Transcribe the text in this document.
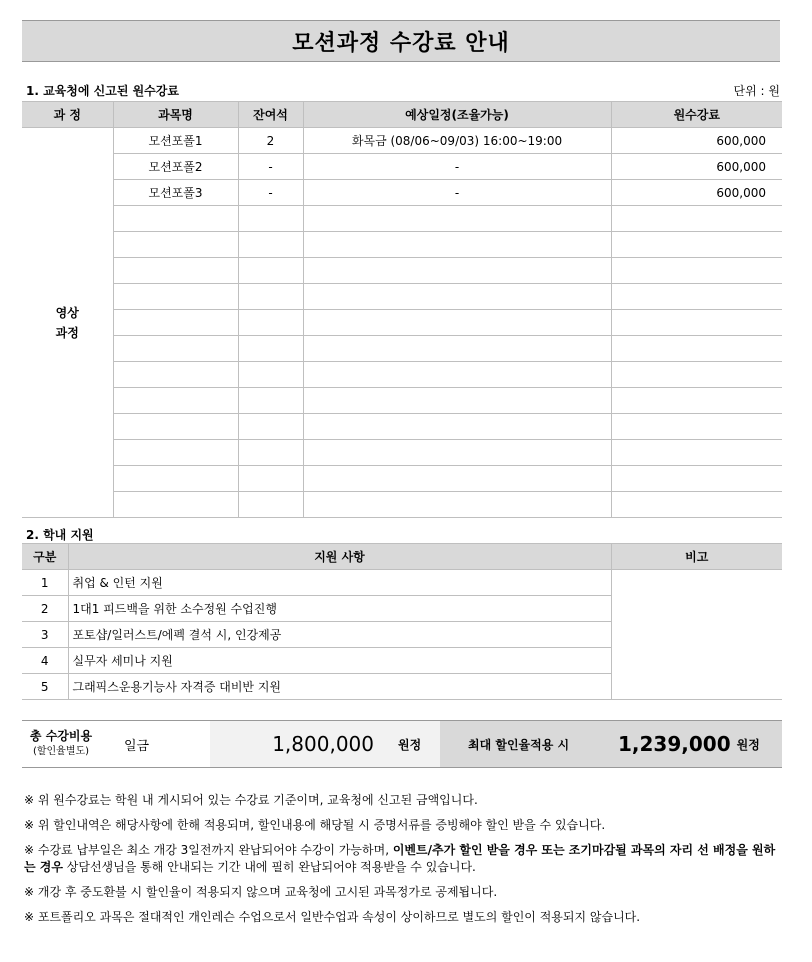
모션과정 수강료 안내
1. 교육청에 신고된 원수강료	단위 : 원
과 정	과목명	잔여석	예상일정(조율가능)	원수강료

영상
과정	모션포폴1	2	화목금 (08/06~09/03) 16:00~19:00	600,000
	모션포폴2	-	-	600,000
	모션포폴3	-	-	600,000

2. 학내 지원
구분	지원 사항	비고
1	취업 & 인턴 지원	
2	1대1 피드백을 위한 소수정원 수업진행	
3	포토샵/일러스트/에펙 결석 시, 인강제공	
4	실무자 세미나 지원	
5	그래픽스운용기능사 자격증 대비반 지원	
총 수강비용
(할인율별도)	일금	1,800,000	원정	최대 할인율적용 시	1,239,000 원정

※ 위 원수강료는 학원 내 게시되어 있는 수강료 기준이며, 교육청에 신고된 금액입니다.

※ 위 할인내역은 해당사항에 한해 적용되며, 할인내용에 해당될 시 증명서류를 증빙해야 할인 받을 수 있습니다.

※ 수강료 납부일은 최소 개강 3일전까지 완납되어야 수강이 가능하며, 이벤트/추가 할인 받을 경우 또는 조기마감될 과목의 자리 선 배정을 원하는 경우 상담선생님을 통해 안내되는 기간 내에 필히 완납되어야 적용받을 수 있습니다.

※ 개강 후 중도환불 시 할인율이 적용되지 않으며 교육청에 고시된 과목정가로 공제됩니다.

※ 포트폴리오 과목은 절대적인 개인레슨 수업으로서 일반수업과 속성이 상이하므로 별도의 할인이 적용되지 않습니다.
